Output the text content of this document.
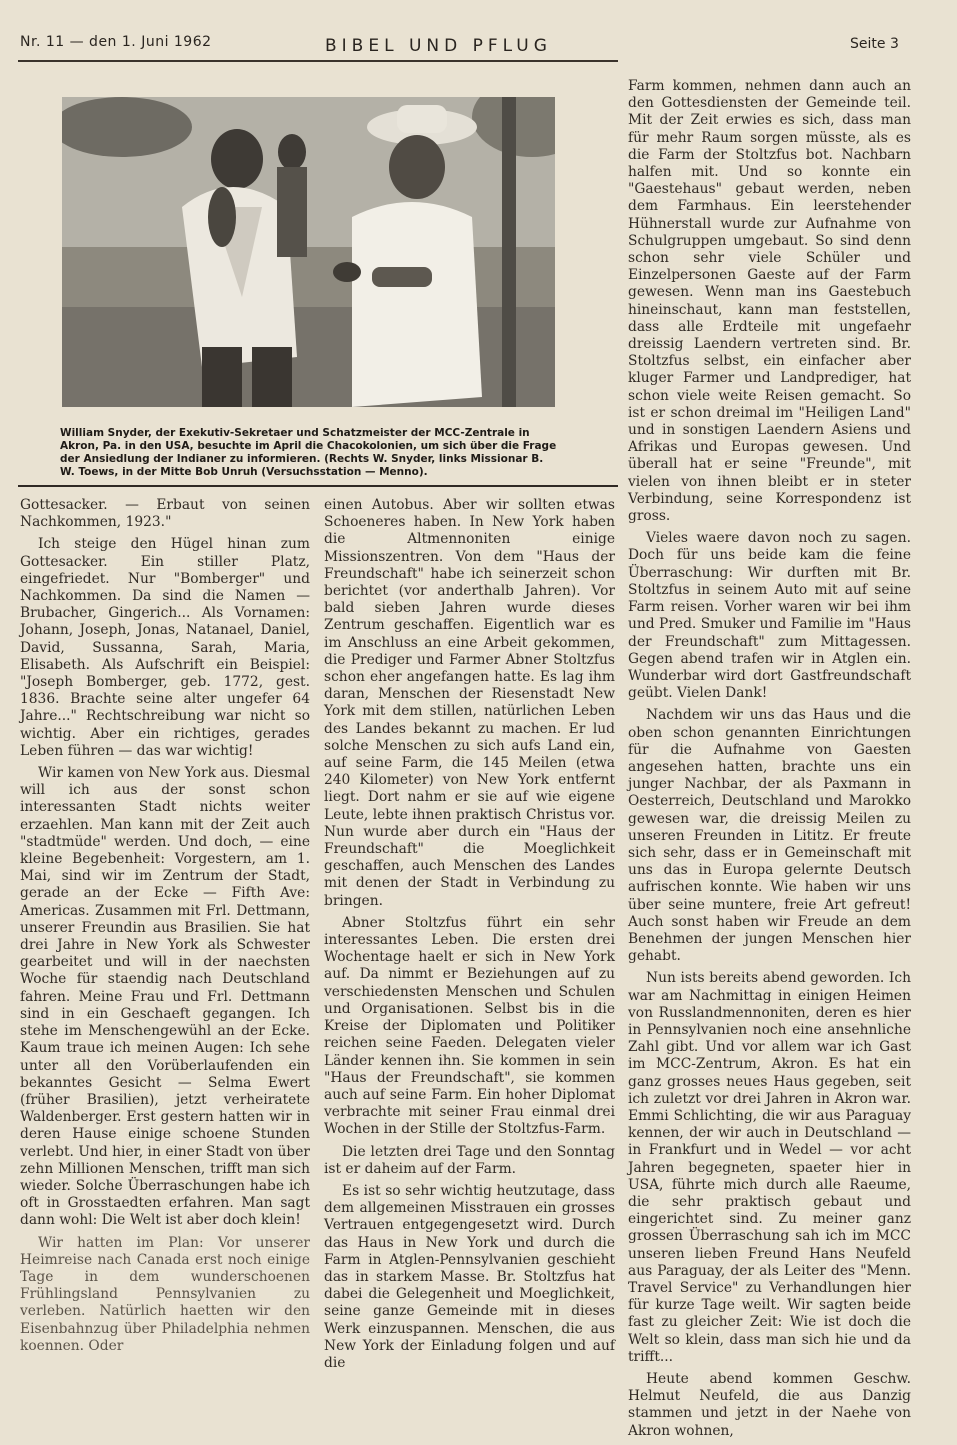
Nr. 11 — den 1. Juni 1962	BIBEL UND PFLUG	Seite 3
William Snyder, der Exekutiv-Sekretaer und Schatzmeister der MCC-Zentrale in Akron, Pa. in den USA, besuchte im April die Chacokolonien, um sich über die Frage der Ansiedlung der Indianer zu informieren. (Rechts W. Snyder, links Missionar B. W. Toews, in der Mitte Bob Unruh (Versuchsstation — Menno).

Gottesacker. — Erbaut von seinen Nachkommen, 1923."

Ich steige den Hügel hinan zum Gottesacker. Ein stiller Platz, eingefriedet. Nur "Bomberger" und Nachkommen. Da sind die Namen — Brubacher, Gingerich... Als Vornamen: Johann, Joseph, Jonas, Natanael, Daniel, David, Sussanna, Sarah, Maria, Elisabeth. Als Aufschrift ein Beispiel: "Joseph Bomberger, geb. 1772, gest. 1836. Brachte seine alter ungefer 64 Jahre..." Rechtschreibung war nicht so wichtig. Aber ein richtiges, gerades Leben führen — das war wichtig!

Wir kamen von New York aus. Diesmal will ich aus der sonst schon interessanten Stadt nichts weiter erzaehlen. Man kann mit der Zeit auch "stadtmüde" werden. Und doch, — eine kleine Begebenheit: Vorgestern, am 1. Mai, sind wir im Zentrum der Stadt, gerade an der Ecke — Fifth Ave: Americas. Zusammen mit Frl. Dettmann, unserer Freundin aus Brasilien. Sie hat drei Jahre in New York als Schwester gearbeitet und will in der naechsten Woche für staendig nach Deutschland fahren. Meine Frau und Frl. Dettmann sind in ein Geschaeft gegangen. Ich stehe im Menschengewühl an der Ecke. Kaum traue ich meinen Augen: Ich sehe unter all den Vorüberlaufenden ein bekanntes Gesicht — Selma Ewert (früher Brasilien), jetzt verheiratete Waldenberger. Erst gestern hatten wir in deren Hause einige schoene Stunden verlebt. Und hier, in einer Stadt von über zehn Millionen Menschen, trifft man sich wieder. Solche Überraschungen habe ich oft in Grosstaedten erfahren. Man sagt dann wohl: Die Welt ist aber doch klein!

Wir hatten im Plan: Vor unserer Heimreise nach Canada erst noch einige Tage in dem wunderschoenen Frühlingsland Pennsylvanien zu verleben. Natürlich haetten wir den Eisenbahnzug über Philadelphia nehmen koennen. Oder

einen Autobus. Aber wir sollten etwas Schoeneres haben. In New York haben die Altmennoniten einige Missionszentren. Von dem "Haus der Freundschaft" habe ich seinerzeit schon berichtet (vor anderthalb Jahren). Vor bald sieben Jahren wurde dieses Zentrum geschaffen. Eigentlich war es im Anschluss an eine Arbeit gekommen, die Prediger und Farmer Abner Stoltzfus schon eher angefangen hatte. Es lag ihm daran, Menschen der Riesenstadt New York mit dem stillen, natürlichen Leben des Landes bekannt zu machen. Er lud solche Menschen zu sich aufs Land ein, auf seine Farm, die 145 Meilen (etwa 240 Kilometer) von New York entfernt liegt. Dort nahm er sie auf wie eigene Leute, lebte ihnen praktisch Christus vor. Nun wurde aber durch ein "Haus der Freundschaft" die Moeglichkeit geschaffen, auch Menschen des Landes mit denen der Stadt in Verbindung zu bringen.

Abner Stoltzfus führt ein sehr interessantes Leben. Die ersten drei Wochentage haelt er sich in New York auf. Da nimmt er Beziehungen auf zu verschiedensten Menschen und Schulen und Organisationen. Selbst bis in die Kreise der Diplomaten und Politiker reichen seine Faeden. Delegaten vieler Länder kennen ihn. Sie kommen in sein "Haus der Freundschaft", sie kommen auch auf seine Farm. Ein hoher Diplomat verbrachte mit seiner Frau einmal drei Wochen in der Stille der Stoltzfus-Farm.

Die letzten drei Tage und den Sonntag ist er daheim auf der Farm.

Es ist so sehr wichtig heutzutage, dass dem allgemeinen Misstrauen ein grosses Vertrauen entgegengesetzt wird. Durch das Haus in New York und durch die Farm in Atglen-Pennsylvanien geschieht das in starkem Masse. Br. Stoltzfus hat dabei die Gelegenheit und Moeglichkeit, seine ganze Gemeinde mit in dieses Werk einzuspannen. Menschen, die aus New York der Einladung folgen und auf die

Farm kommen, nehmen dann auch an den Gottesdiensten der Gemeinde teil. Mit der Zeit erwies es sich, dass man für mehr Raum sorgen müsste, als es die Farm der Stoltzfus bot. Nachbarn halfen mit. Und so konnte ein "Gaestehaus" gebaut werden, neben dem Farmhaus. Ein leerstehender Hühnerstall wurde zur Aufnahme von Schulgruppen umgebaut. So sind denn schon sehr viele Schüler und Einzelpersonen Gaeste auf der Farm gewesen. Wenn man ins Gaestebuch hineinschaut, kann man feststellen, dass alle Erdteile mit ungefaehr dreissig Laendern vertreten sind. Br. Stoltzfus selbst, ein einfacher aber kluger Farmer und Landprediger, hat schon viele weite Reisen gemacht. So ist er schon dreimal im "Heiligen Land" und in sonstigen Laendern Asiens und Afrikas und Europas gewesen. Und überall hat er seine "Freunde", mit vielen von ihnen bleibt er in steter Verbindung, seine Korrespondenz ist gross.

Vieles waere davon noch zu sagen. Doch für uns beide kam die feine Überraschung: Wir durften mit Br. Stoltzfus in seinem Auto mit auf seine Farm reisen. Vorher waren wir bei ihm und Pred. Smuker und Familie im "Haus der Freundschaft" zum Mittagessen. Gegen abend trafen wir in Atglen ein. Wunderbar wird dort Gastfreundschaft geübt. Vielen Dank!

Nachdem wir uns das Haus und die oben schon genannten Einrichtungen für die Aufnahme von Gaesten angesehen hatten, brachte uns ein junger Nachbar, der als Paxmann in Oesterreich, Deutschland und Marokko gewesen war, die dreissig Meilen zu unseren Freunden in Lititz. Er freute sich sehr, dass er in Gemeinschaft mit uns das in Europa gelernte Deutsch aufrischen konnte. Wie haben wir uns über seine muntere, freie Art gefreut! Auch sonst haben wir Freude an dem Benehmen der jungen Menschen hier gehabt.

Nun ists bereits abend geworden. Ich war am Nachmittag in einigen Heimen von Russlandmennoniten, deren es hier in Pennsylvanien noch eine ansehnliche Zahl gibt. Und vor allem war ich Gast im MCC-Zentrum, Akron. Es hat ein ganz grosses neues Haus gegeben, seit ich zuletzt vor drei Jahren in Akron war. Emmi Schlichting, die wir aus Paraguay kennen, der wir auch in Deutschland — in Frankfurt und in Wedel — vor acht Jahren begegneten, spaeter hier in USA, führte mich durch alle Raeume, die sehr praktisch gebaut und eingerichtet sind. Zu meiner ganz grossen Überraschung sah ich im MCC unseren lieben Freund Hans Neufeld aus Paraguay, der als Leiter des "Menn. Travel Service" zu Verhandlungen hier für kurze Tage weilt. Wir sagten beide fast zu gleicher Zeit: Wie ist doch die Welt so klein, dass man sich hie und da trifft...

Heute abend kommen Geschw. Helmut Neufeld, die aus Danzig stammen und jetzt in der Naehe von Akron wohnen,
